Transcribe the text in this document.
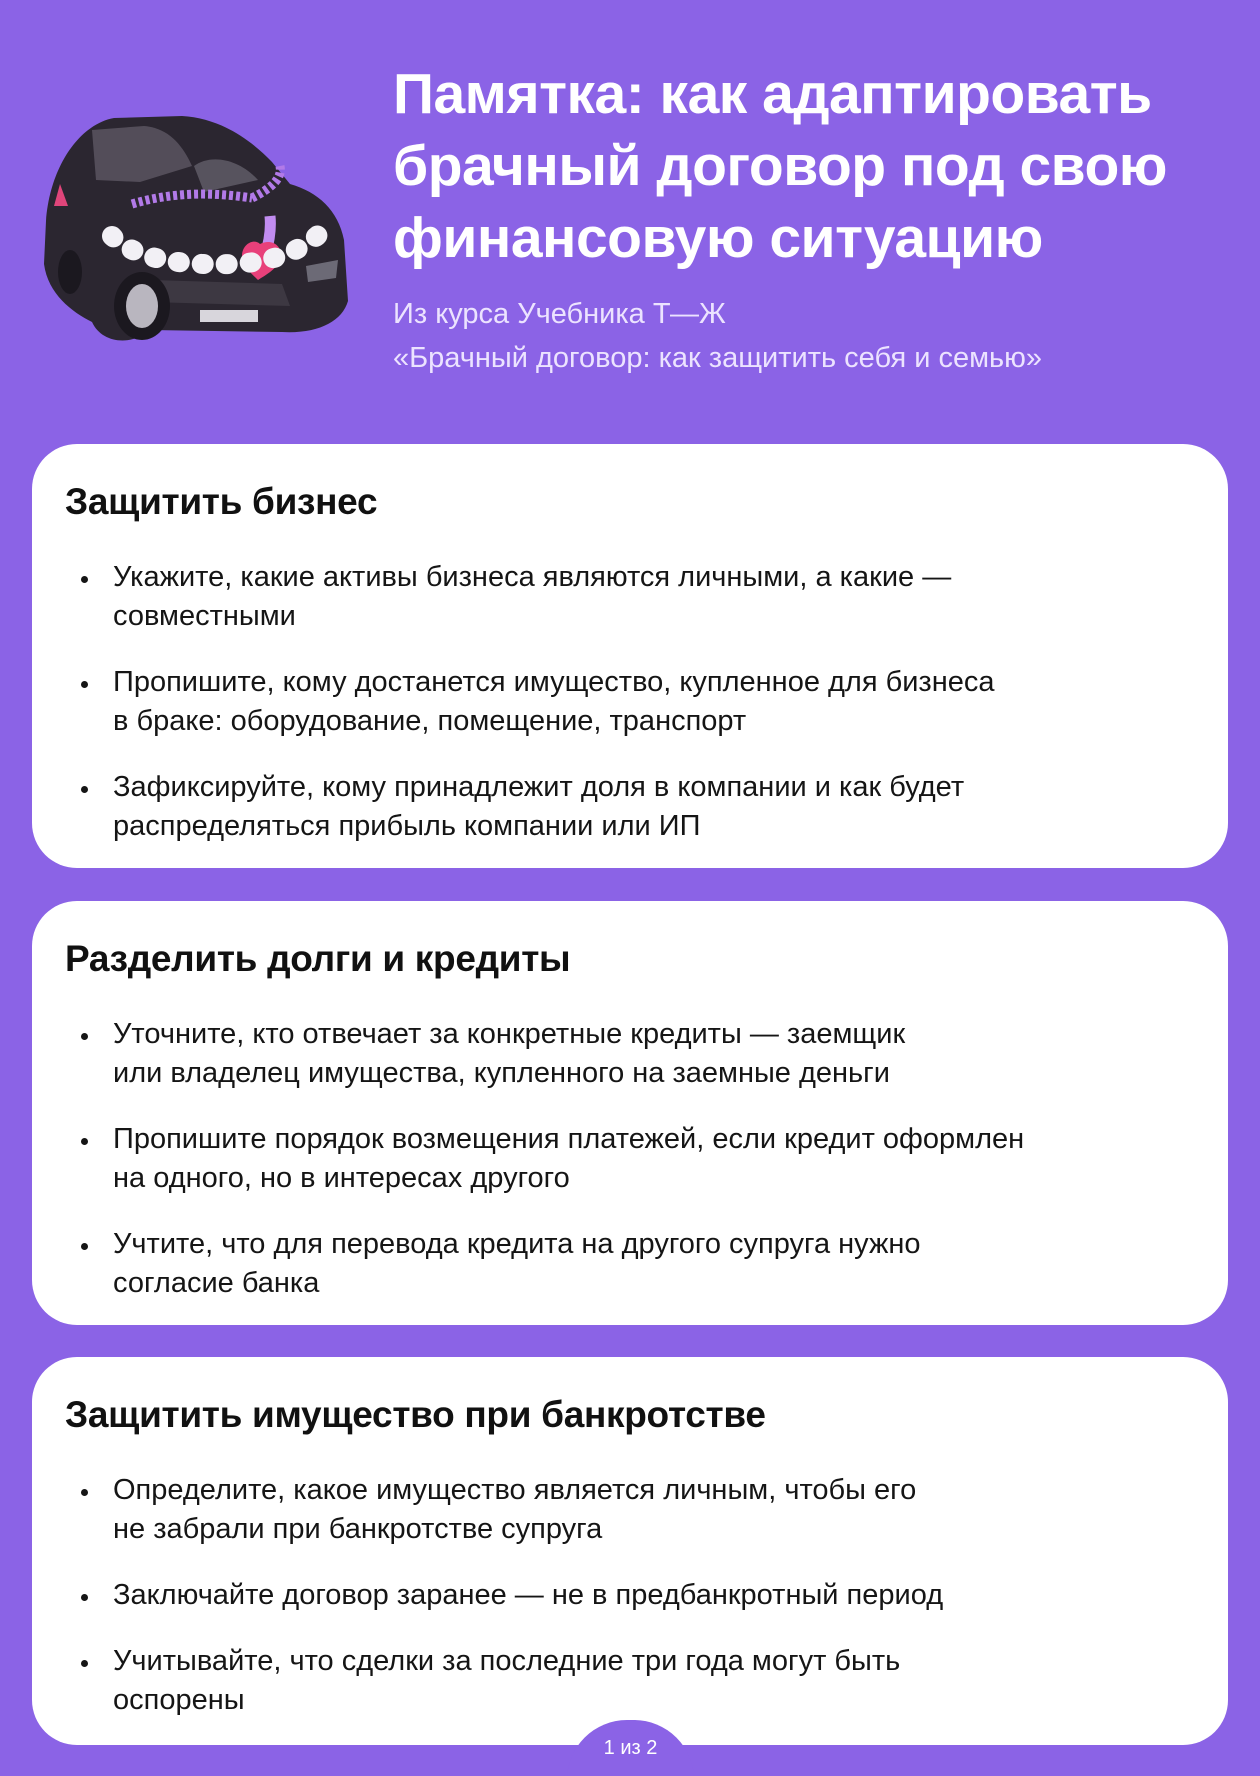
Памятка: как адаптировать
брачный договор под свою
финансовую ситуацию
Из курса Учебника Т—Ж
«Брачный договор: как защитить себя и семью»
Защитить бизнес
Укажите, какие активы бизнеса являются личными, а какие —
совместными
Пропишите, кому достанется имущество, купленное для бизнеса
в браке: оборудование, помещение, транспорт
Зафиксируйте, кому принадлежит доля в компании и как будет
распределяться прибыль компании или ИП
Разделить долги и кредиты
Уточните, кто отвечает за конкретные кредиты — заемщик
или владелец имущества, купленного на заемные деньги
Пропишите порядок возмещения платежей, если кредит оформлен
на одного, но в интересах другого
Учтите, что для перевода кредита на другого супруга нужно
согласие банка
Защитить имущество при банкротстве
Определите, какое имущество является личным, чтобы его
не забрали при банкротстве супруга
Заключайте договор заранее — не в предбанкротный период
Учитывайте, что сделки за последние три года могут быть
оспорены
1 из 2
